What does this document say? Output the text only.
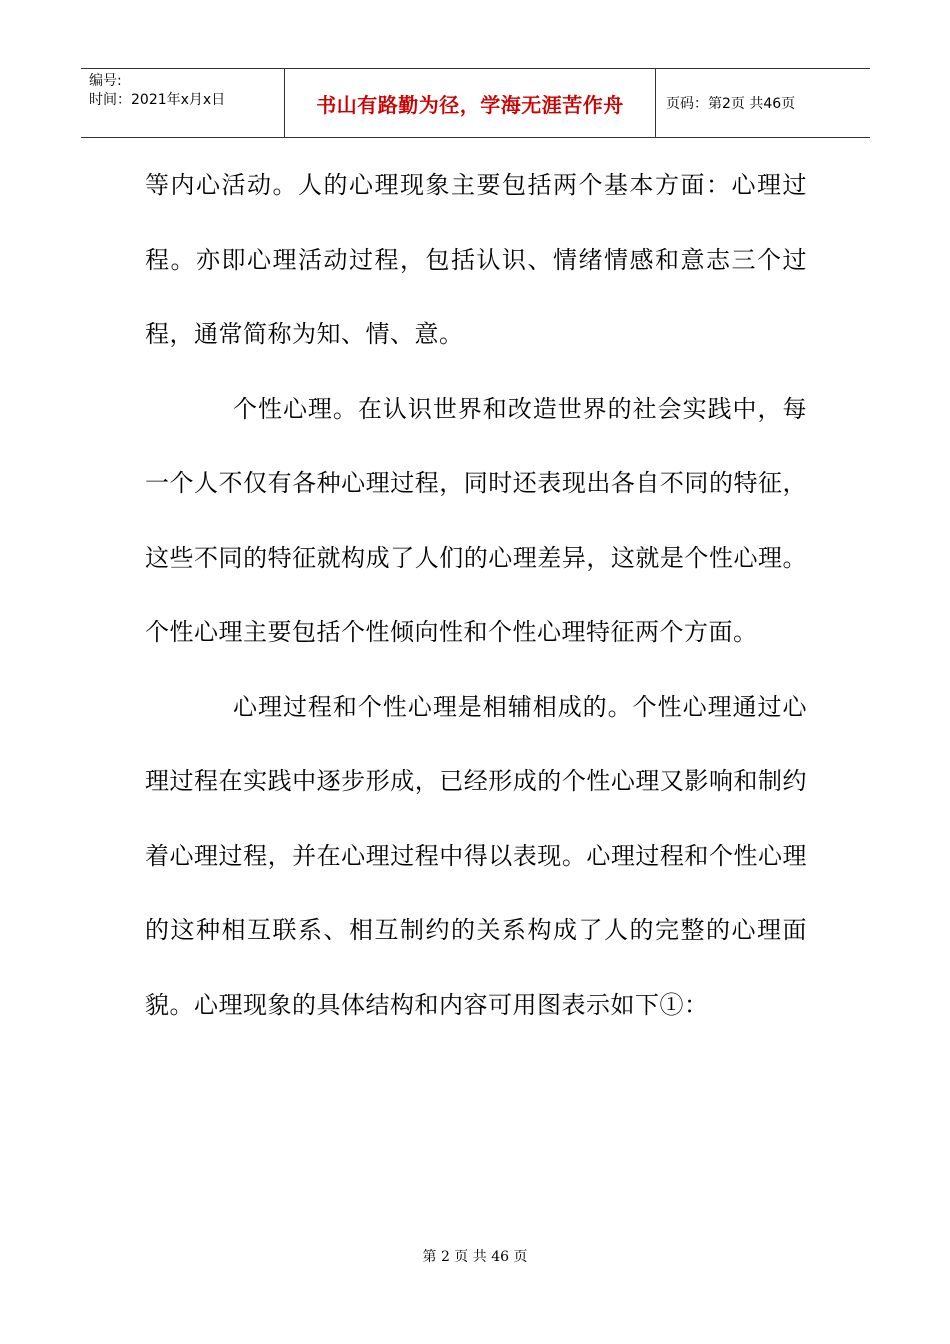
编号:
时间：2021年x月x日	书山有路勤为径，学海无涯苦作舟	页码：第2页 共46页

等内心活动。人的心理现象主要包括两个基本方面：心理过程。亦即心理活动过程，包括认识、情绪情感和意志三个过程，通常简称为知、情、意。

个性心理。在认识世界和改造世界的社会实践中，每一个人不仅有各种心理过程，同时还表现出各自不同的特征，这些不同的特征就构成了人们的心理差异，这就是个性心理。个性心理主要包括个性倾向性和个性心理特征两个方面。

心理过程和个性心理是相辅相成的。个性心理通过心理过程在实践中逐步形成，已经形成的个性心理又影响和制约着心理过程，并在心理过程中得以表现。心理过程和个性心理的这种相互联系、相互制约的关系构成了人的完整的心理面貌。心理现象的具体结构和内容可用图表示如下①：

第 2 页 共 46 页
